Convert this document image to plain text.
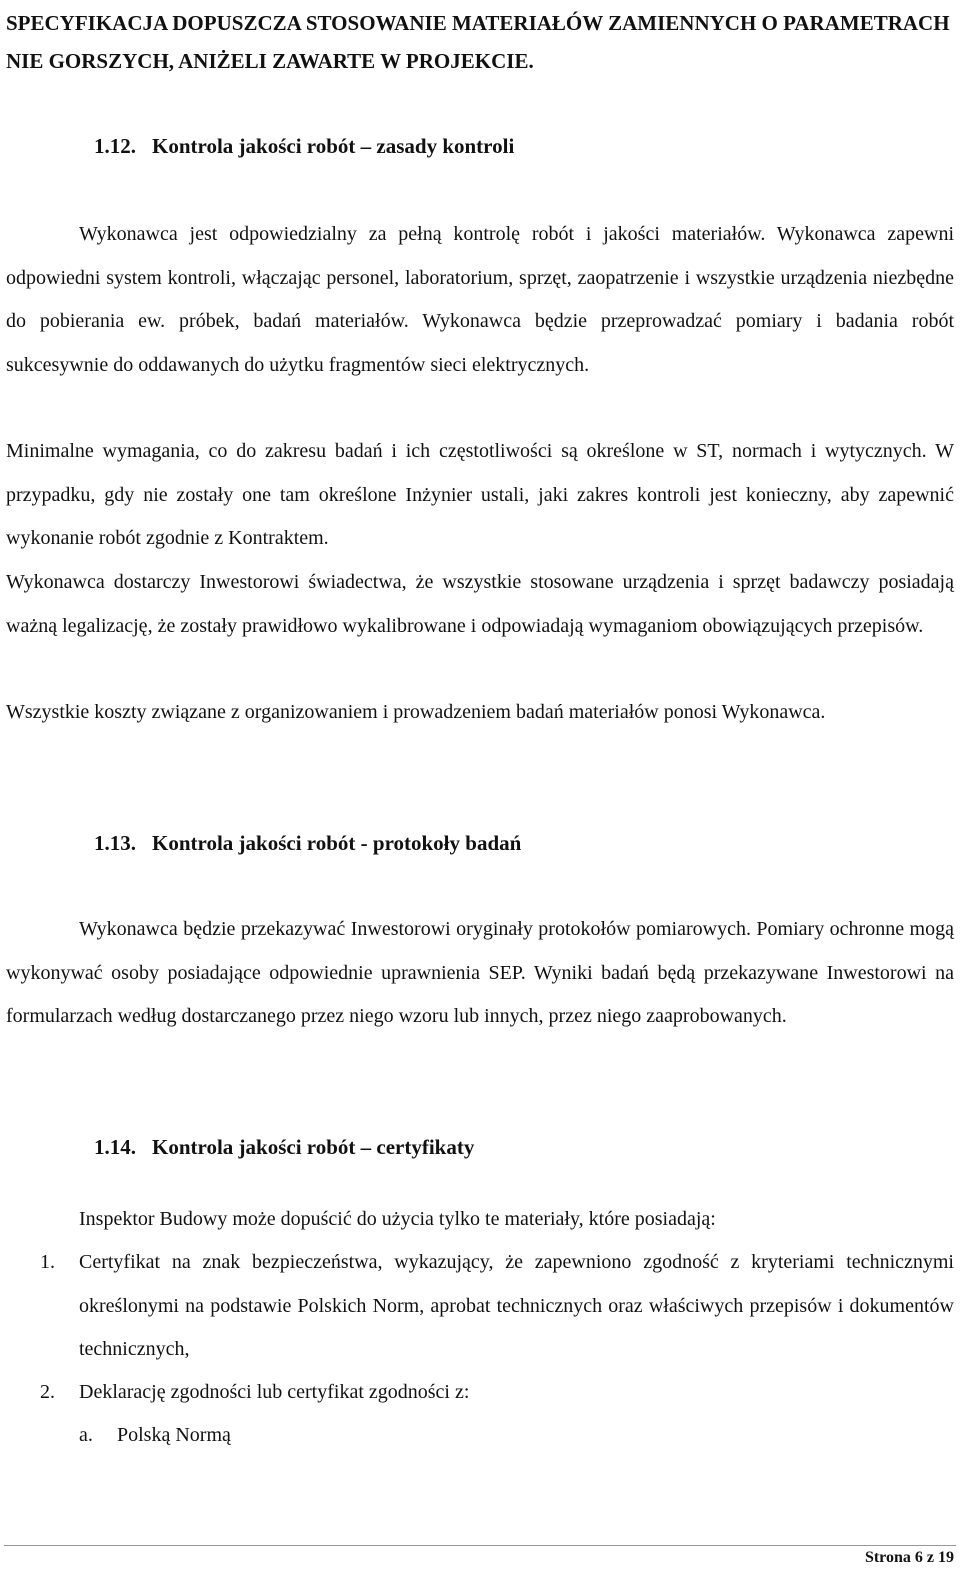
SPECYFIKACJA DOPUSZCZA STOSOWANIE MATERIAŁÓW ZAMIENNYCH O PARAMETRACH NIE GORSZYCH, ANIŻELI ZAWARTE W PROJEKCIE.

1.12. Kontrola jakości robót – zasady kontroli

Wykonawca jest odpowiedzialny za pełną kontrolę robót i jakości materiałów. Wykonawca zapewni odpowiedni system kontroli, włączając personel, laboratorium, sprzęt, zaopatrzenie i wszystkie urządzenia niezbędne do pobierania ew. próbek, badań materiałów. Wykonawca będzie przeprowadzać pomiary i badania robót sukcesywnie do oddawanych do użytku fragmentów sieci elektrycznych.

Minimalne wymagania, co do zakresu badań i ich częstotliwości są określone w ST, normach i wytycznych. W przypadku, gdy nie zostały one tam określone Inżynier ustali, jaki zakres kontroli jest konieczny, aby zapewnić wykonanie robót zgodnie z Kontraktem.

Wykonawca dostarczy Inwestorowi świadectwa, że wszystkie stosowane urządzenia i sprzęt badawczy posiadają ważną legalizację, że zostały prawidłowo wykalibrowane i odpowiadają wymaganiom obowiązujących przepisów.

Wszystkie koszty związane z organizowaniem i prowadzeniem badań materiałów ponosi Wykonawca.

1.13. Kontrola jakości robót - protokoły badań

Wykonawca będzie przekazywać Inwestorowi oryginały protokołów pomiarowych. Pomiary ochronne mogą wykonywać osoby posiadające odpowiednie uprawnienia SEP. Wyniki badań będą przekazywane Inwestorowi na formularzach według dostarczanego przez niego wzoru lub innych, przez niego zaaprobowanych.

1.14. Kontrola jakości robót – certyfikaty

Inspektor Budowy może dopuścić do użycia tylko te materiały, które posiadają:

1. Certyfikat na znak bezpieczeństwa, wykazujący, że zapewniono zgodność z kryteriami technicznymi określonymi na podstawie Polskich Norm, aprobat technicznych oraz właściwych przepisów i dokumentów technicznych,
2. Deklarację zgodności lub certyfikat zgodności z:
a. Polską Normą
Strona 6 z 19
